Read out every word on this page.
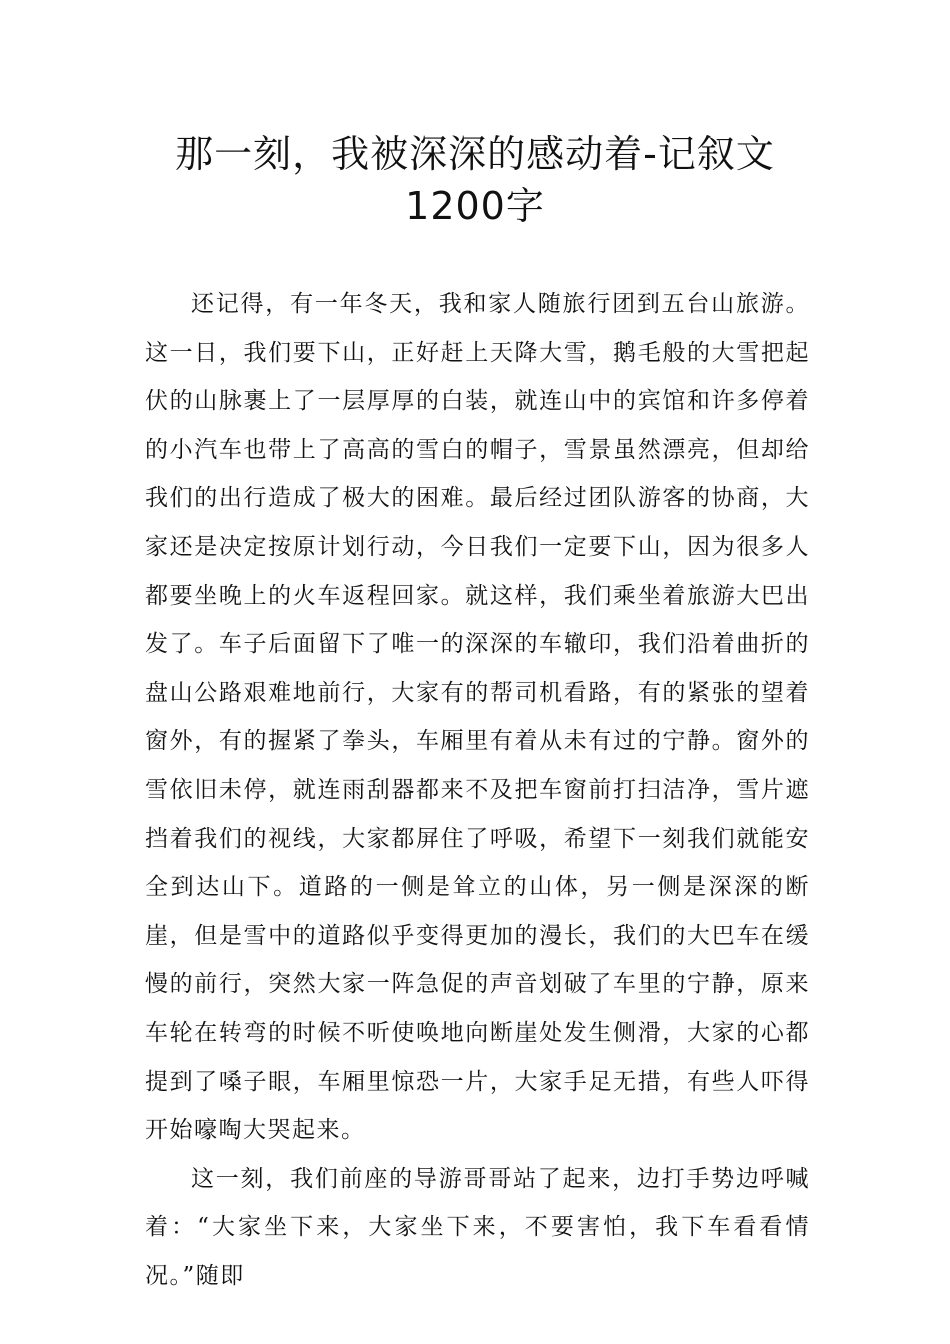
那一刻，我被深深的感动着-记叙文
1200字

还记得，有一年冬天，我和家人随旅行团到五台山旅游。这一日，我们要下山，正好赶上天降大雪，鹅毛般的大雪把起伏的山脉裹上了一层厚厚的白装，就连山中的宾馆和许多停着的小汽车也带上了高高的雪白的帽子，雪景虽然漂亮，但却给我们的出行造成了极大的困难。最后经过团队游客的协商，大家还是决定按原计划行动，今日我们一定要下山，因为很多人都要坐晚上的火车返程回家。就这样，我们乘坐着旅游大巴出发了。车子后面留下了唯一的深深的车辙印，我们沿着曲折的盘山公路艰难地前行，大家有的帮司机看路，有的紧张的望着窗外，有的握紧了拳头，车厢里有着从未有过的宁静。窗外的雪依旧未停，就连雨刮器都来不及把车窗前打扫洁净，雪片遮挡着我们的视线，大家都屏住了呼吸，希望下一刻我们就能安全到达山下。道路的一侧是耸立的山体，另一侧是深深的断崖，但是雪中的道路似乎变得更加的漫长，我们的大巴车在缓慢的前行，突然大家一阵急促的声音划破了车里的宁静，原来车轮在转弯的时候不听使唤地向断崖处发生侧滑，大家的心都提到了嗓子眼，车厢里惊恐一片，大家手足无措，有些人吓得开始嚎啕大哭起来。

这一刻，我们前座的导游哥哥站了起来，边打手势边呼喊着：“大家坐下来，大家坐下来，不要害怕，我下车看看情况。”随即
